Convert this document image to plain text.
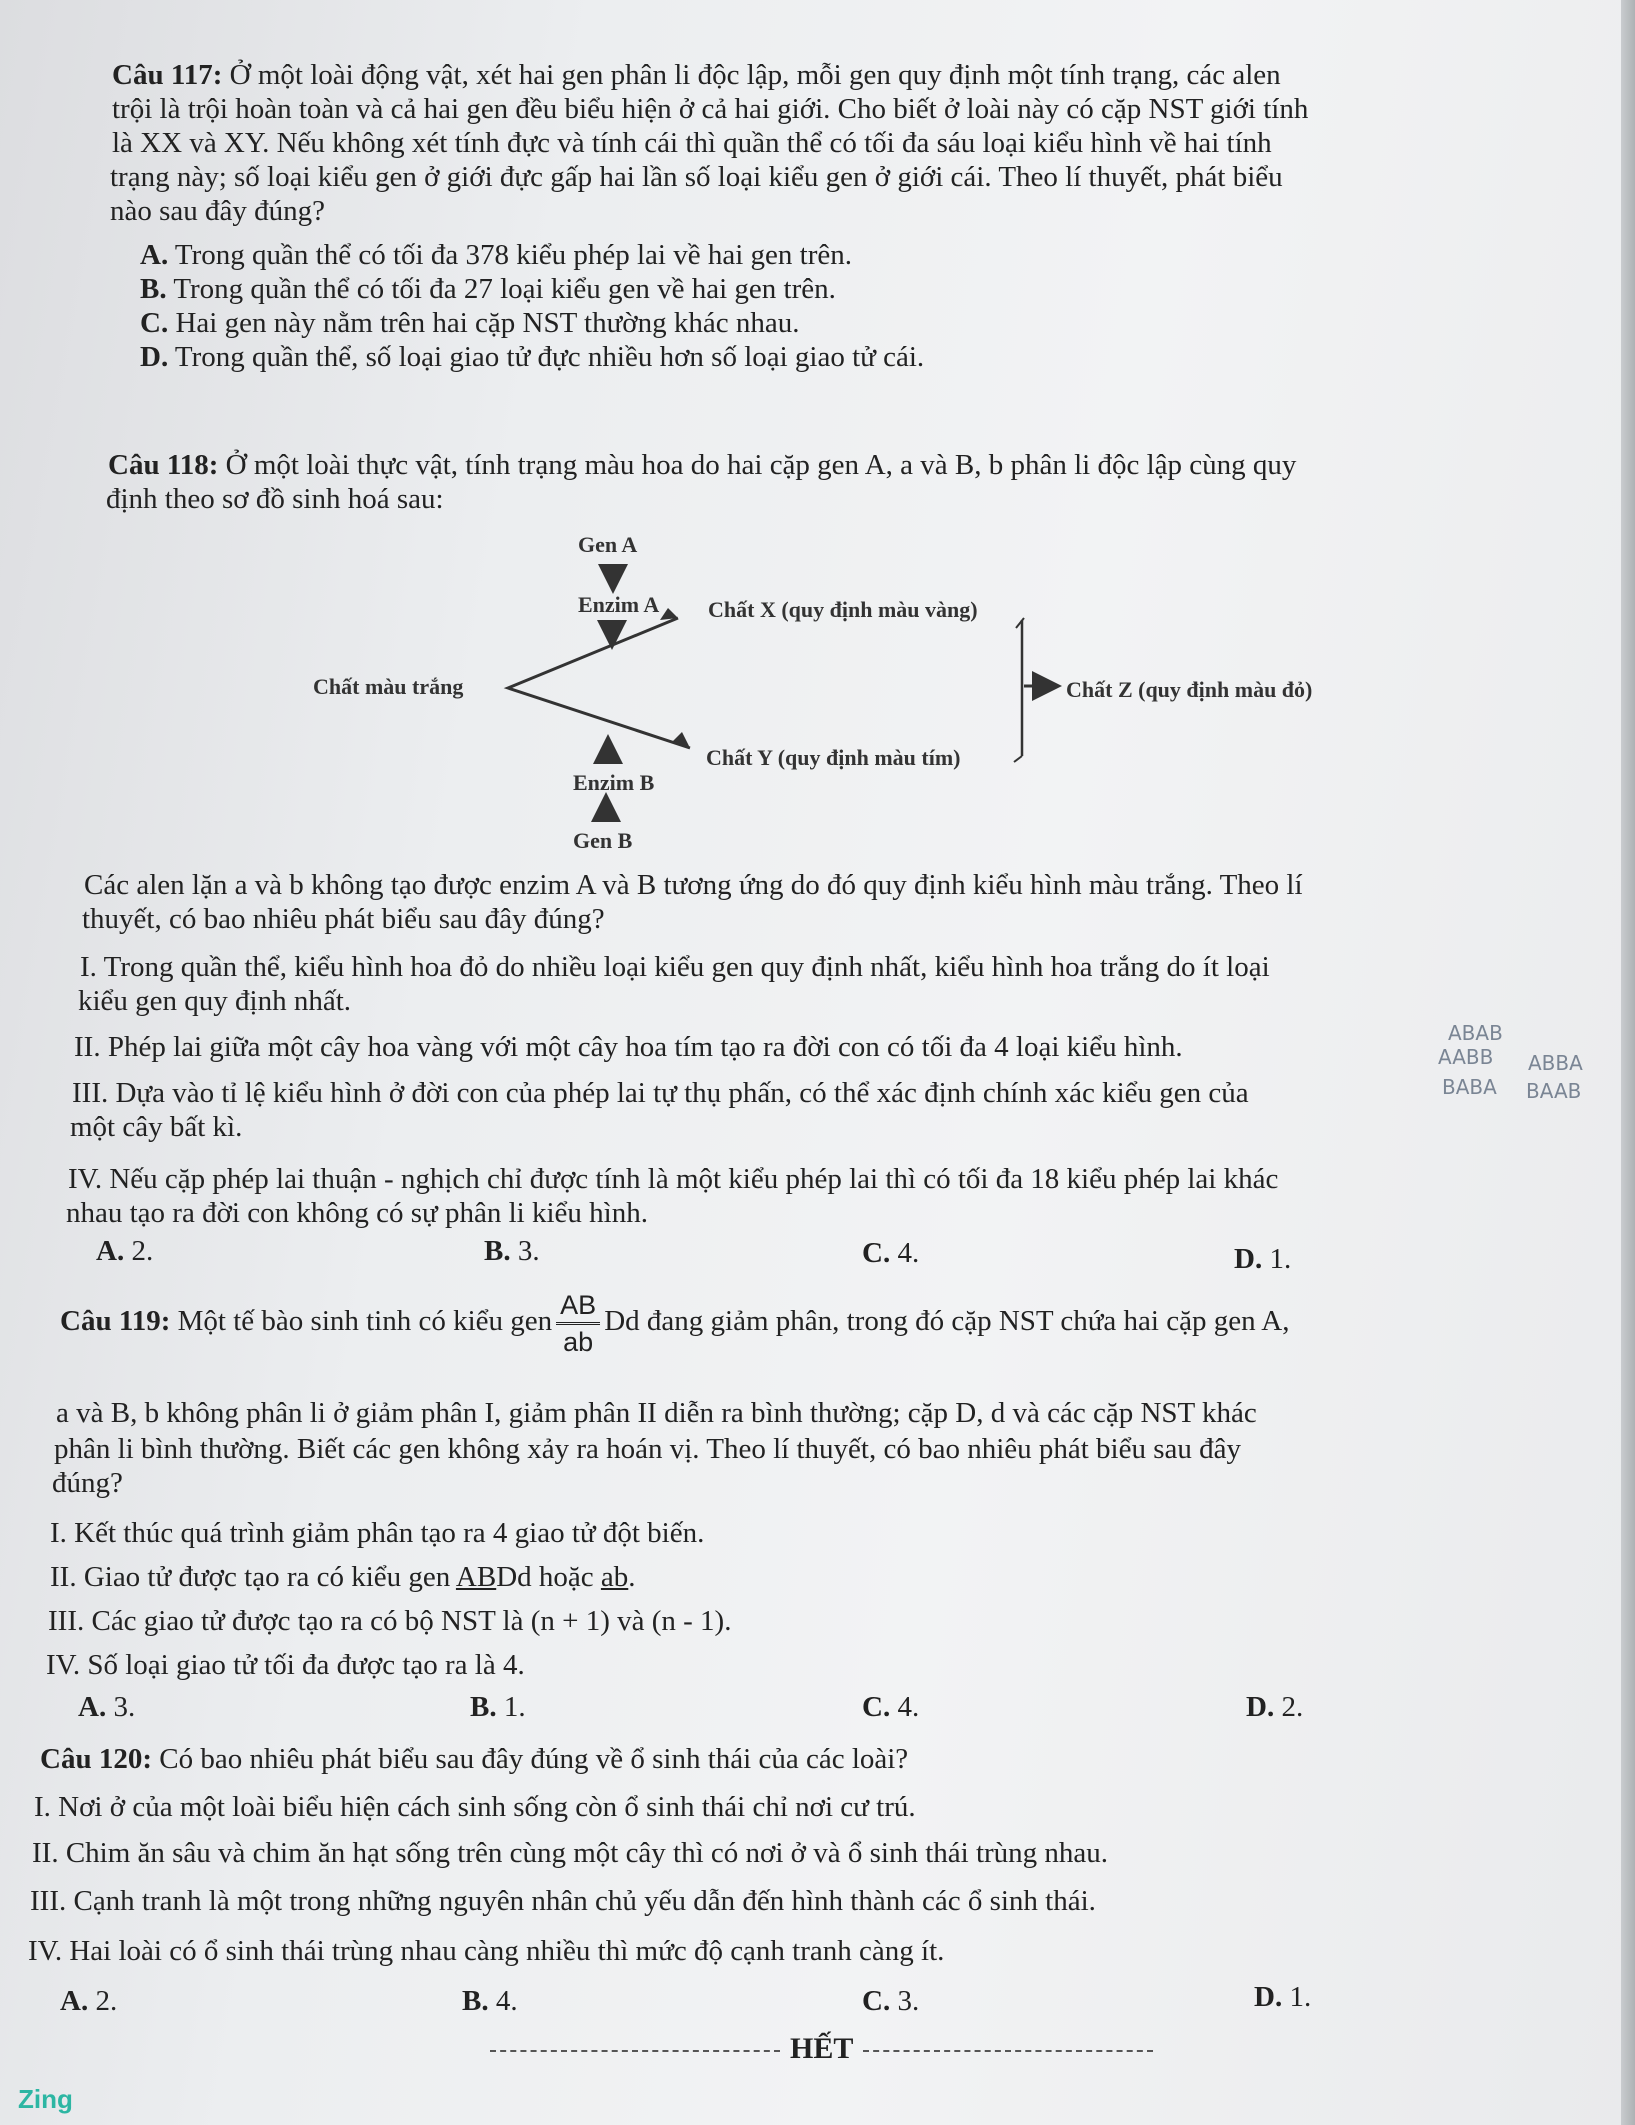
Câu 117: Ở một loài động vật, xét hai gen phân li độc lập, mỗi gen quy định một tính trạng, các alen
trội là trội hoàn toàn và cả hai gen đều biểu hiện ở cả hai giới. Cho biết ở loài này có cặp NST giới tính
là XX và XY. Nếu không xét tính đực và tính cái thì quần thể có tối đa sáu loại kiểu hình về hai tính
trạng này; số loại kiểu gen ở giới đực gấp hai lần số loại kiểu gen ở giới cái. Theo lí thuyết, phát biểu
nào sau đây đúng?
A. Trong quần thể có tối đa 378 kiểu phép lai về hai gen trên.
B. Trong quần thể có tối đa 27 loại kiểu gen về hai gen trên.
C. Hai gen này nằm trên hai cặp NST thường khác nhau.
D. Trong quần thể, số loại giao tử đực nhiều hơn số loại giao tử cái.
Câu 118: Ở một loài thực vật, tính trạng màu hoa do hai cặp gen A, a và B, b phân li độc lập cùng quy
định theo sơ đồ sinh hoá sau:
Gen A
Enzim A Chất X (quy định màu vàng)
Chất màu trắng	Chất Z (quy định màu đỏ)
Chất Y (quy định màu tím)
Enzim B
Gen B
ABAB
AABB ABBA
BABA BAAB
Các alen lặn a và b không tạo được enzim A và B tương ứng do đó quy định kiểu hình màu trắng. Theo lí
thuyết, có bao nhiêu phát biểu sau đây đúng?
I. Trong quần thể, kiểu hình hoa đỏ do nhiều loại kiểu gen quy định nhất, kiểu hình hoa trắng do ít loại
kiểu gen quy định nhất.
II. Phép lai giữa một cây hoa vàng với một cây hoa tím tạo ra đời con có tối đa 4 loại kiểu hình.
III. Dựa vào tỉ lệ kiểu hình ở đời con của phép lai tự thụ phấn, có thể xác định chính xác kiểu gen của
một cây bất kì.
IV. Nếu cặp phép lai thuận - nghịch chỉ được tính là một kiểu phép lai thì có tối đa 18 kiểu phép lai khác
nhau tạo ra đời con không có sự phân li kiểu hình.
A. 2.	B. 3.	C. 4.	D. 1.
Câu 119: Một tế bào sinh tinh có kiểu gen $\frac{AB}{ab}$ Dd đang giảm phân, trong đó cặp NST chứa hai cặp gen A,
a và B, b không phân li ở giảm phân I, giảm phân II diễn ra bình thường; cặp D, d và các cặp NST khác
phân li bình thường. Biết các gen không xảy ra hoán vị. Theo lí thuyết, có bao nhiêu phát biểu sau đây
đúng?
I. Kết thúc quá trình giảm phân tạo ra 4 giao tử đột biến.
II. Giao tử được tạo ra có kiểu gen ABDd hoặc ab.
III. Các giao tử được tạo ra có bộ NST là (n + 1) và (n - 1).
IV. Số loại giao tử tối đa được tạo ra là 4.
A. 3.	B. 1.	C. 4.	D. 2.
Câu 120: Có bao nhiêu phát biểu sau đây đúng về ổ sinh thái của các loài?
I. Nơi ở của một loài biểu hiện cách sinh sống còn ổ sinh thái chỉ nơi cư trú.
II. Chim ăn sâu và chim ăn hạt sống trên cùng một cây thì có nơi ở và ổ sinh thái trùng nhau.
III. Cạnh tranh là một trong những nguyên nhân chủ yếu dẫn đến hình thành các ổ sinh thái.
IV. Hai loài có ổ sinh thái trùng nhau càng nhiều thì mức độ cạnh tranh càng ít.
A. 2.	B. 4.	C. 3.	D. 1.
HẾT
Zing
